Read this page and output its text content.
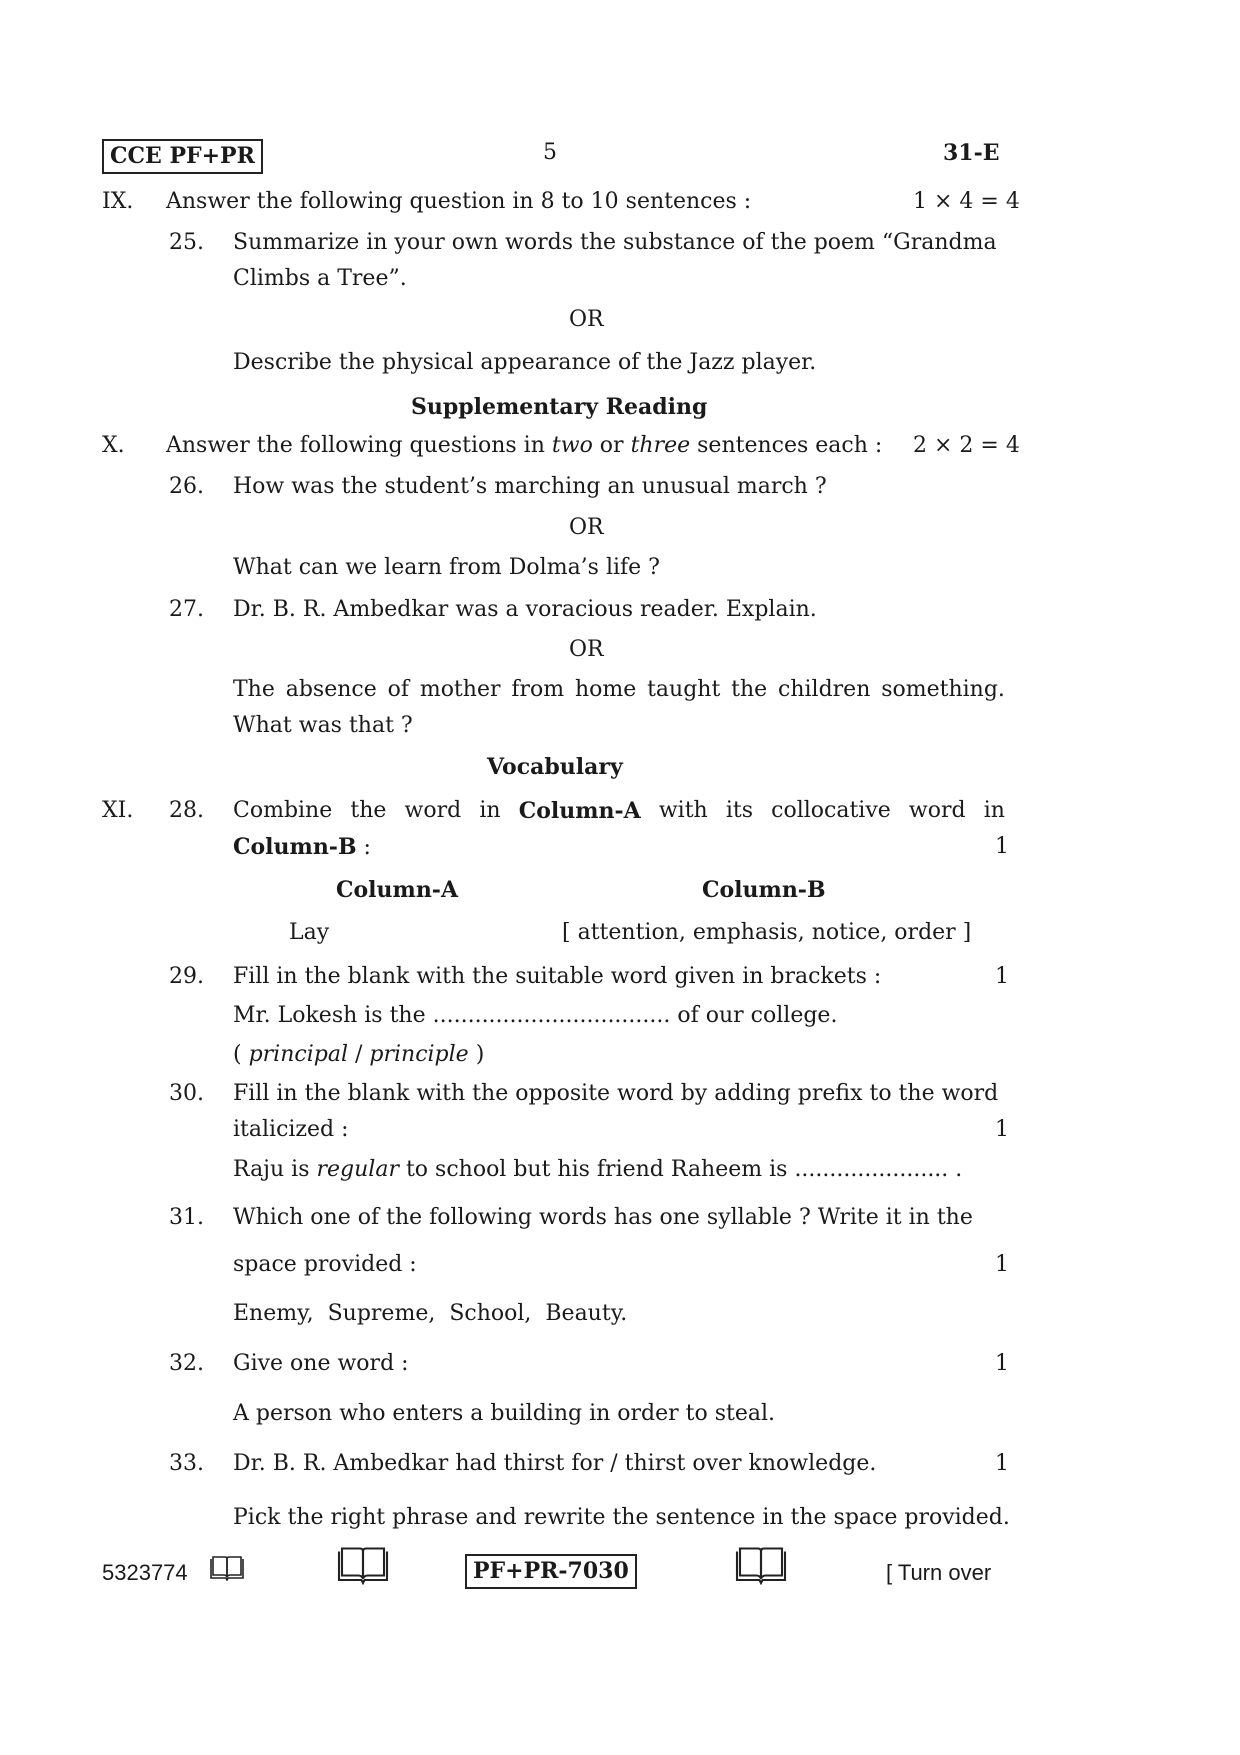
CCE PF+PR	5	31-E
IX. Answer the following question in 8 to 10 sentences :	1 × 4 = 4
25. Summarize in your own words the substance of the poem “Grandma
Climbs a Tree”.
OR
Describe the physical appearance of the Jazz player.
Supplementary Reading
X. Answer the following questions in two or three sentences each : 2 × 2 = 4
26. How was the student’s marching an unusual march ?
OR
What can we learn from Dolma’s life ?
27. Dr. B. R. Ambedkar was a voracious reader. Explain.
OR
The absence of mother from home taught the children something.
What was that ?
Vocabulary
XI. 28. Combine the word in Column-A with its collocative word in
Column-B :	1
Column-A	Column-B
Lay	[ attention, emphasis, notice, order ]
29. Fill in the blank with the suitable word given in brackets :	1
Mr. Lokesh is the .................................. of our college.
( principal / principle )
30. Fill in the blank with the opposite word by adding prefix to the word
italicized :	1
Raju is regular to school but his friend Raheem is ...................... .
31. Which one of the following words has one syllable ? Write it in the
space provided :	1
Enemy,  Supreme,  School,  Beauty.
32. Give one word :	1
A person who enters a building in order to steal.
33. Dr. B. R. Ambedkar had thirst for / thirst over knowledge.	1
Pick the right phrase and rewrite the sentence in the space provided.
5323774	PF+PR-7030	[ Turn over
